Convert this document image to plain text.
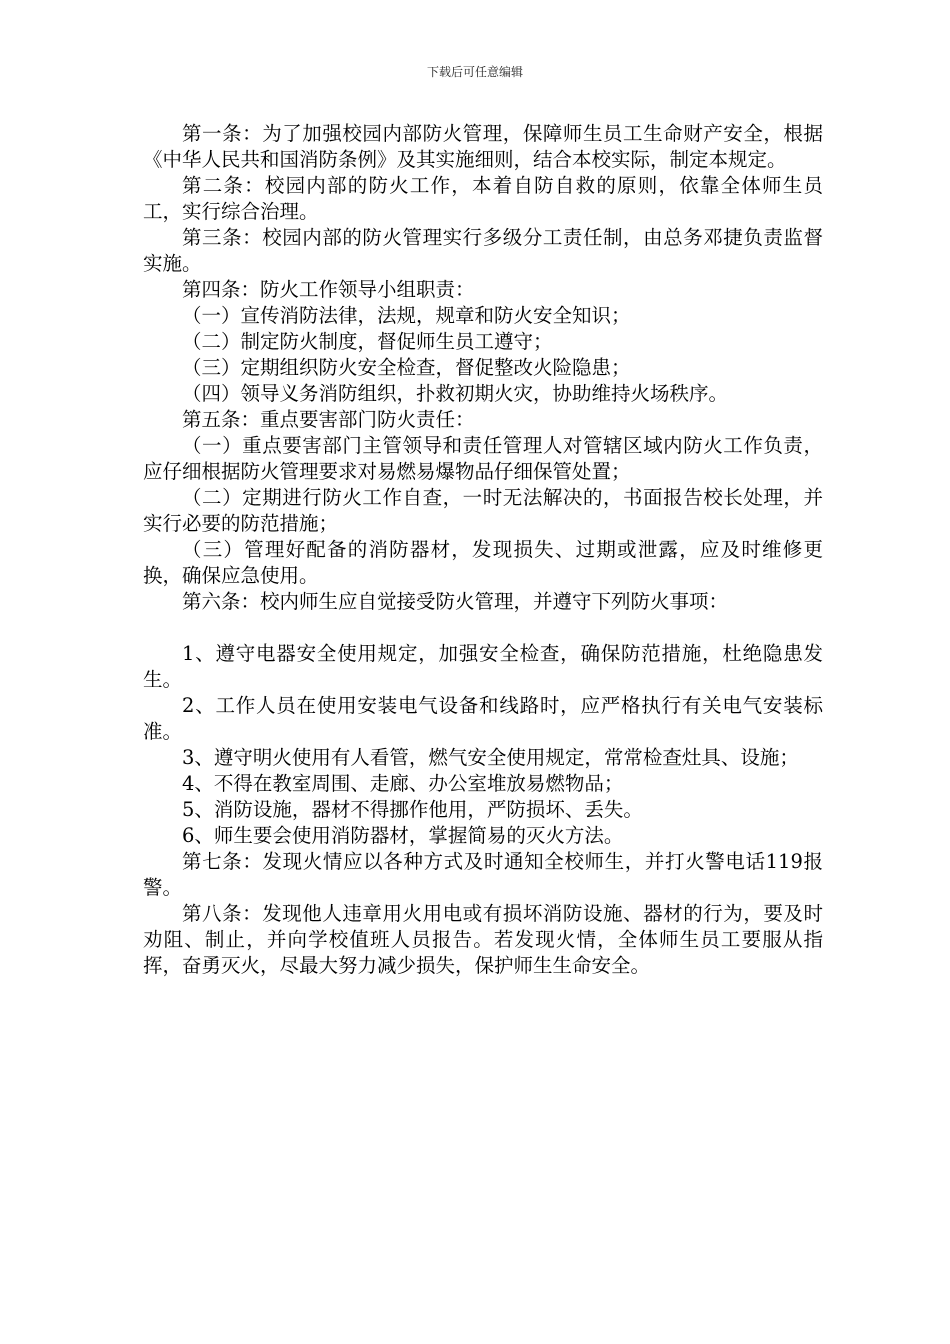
下载后可任意编辑

第一条：为了加强校园内部防火管理，保障师生员工生命财产安全，根据《中华人民共和国消防条例》及其实施细则，结合本校实际，制定本规定。

第二条：校园内部的防火工作，本着自防自救的原则，依靠全体师生员工，实行综合治理。

第三条：校园内部的防火管理实行多级分工责任制，由总务邓捷负责监督实施。

第四条：防火工作领导小组职责：

（一）宣传消防法律，法规，规章和防火安全知识；

（二）制定防火制度，督促师生员工遵守；

（三）定期组织防火安全检查，督促整改火险隐患；

（四）领导义务消防组织，扑救初期火灾，协助维持火场秩序。

第五条：重点要害部门防火责任：

（一）重点要害部门主管领导和责任管理人对管辖区域内防火工作负责，应仔细根据防火管理要求对易燃易爆物品仔细保管处置；

（二）定期进行防火工作自查，一时无法解决的，书面报告校长处理，并实行必要的防范措施；

（三）管理好配备的消防器材，发现损失、过期或泄露，应及时维修更换，确保应急使用。

第六条：校内师生应自觉接受防火管理，并遵守下列防火事项：

1、遵守电器安全使用规定，加强安全检查，确保防范措施，杜绝隐患发生。

2、工作人员在使用安装电气设备和线路时，应严格执行有关电气安装标准。

3、遵守明火使用有人看管，燃气安全使用规定，常常检查灶具、设施；

4、不得在教室周围、走廊、办公室堆放易燃物品；

5、消防设施，器材不得挪作他用，严防损坏、丢失。

6、师生要会使用消防器材，掌握简易的灭火方法。

第七条：发现火情应以各种方式及时通知全校师生，并打火警电话119报警。

第八条：发现他人违章用火用电或有损坏消防设施、器材的行为，要及时劝阻、制止，并向学校值班人员报告。若发现火情，全体师生员工要服从指挥，奋勇灭火，尽最大努力减少损失，保护师生生命安全。
